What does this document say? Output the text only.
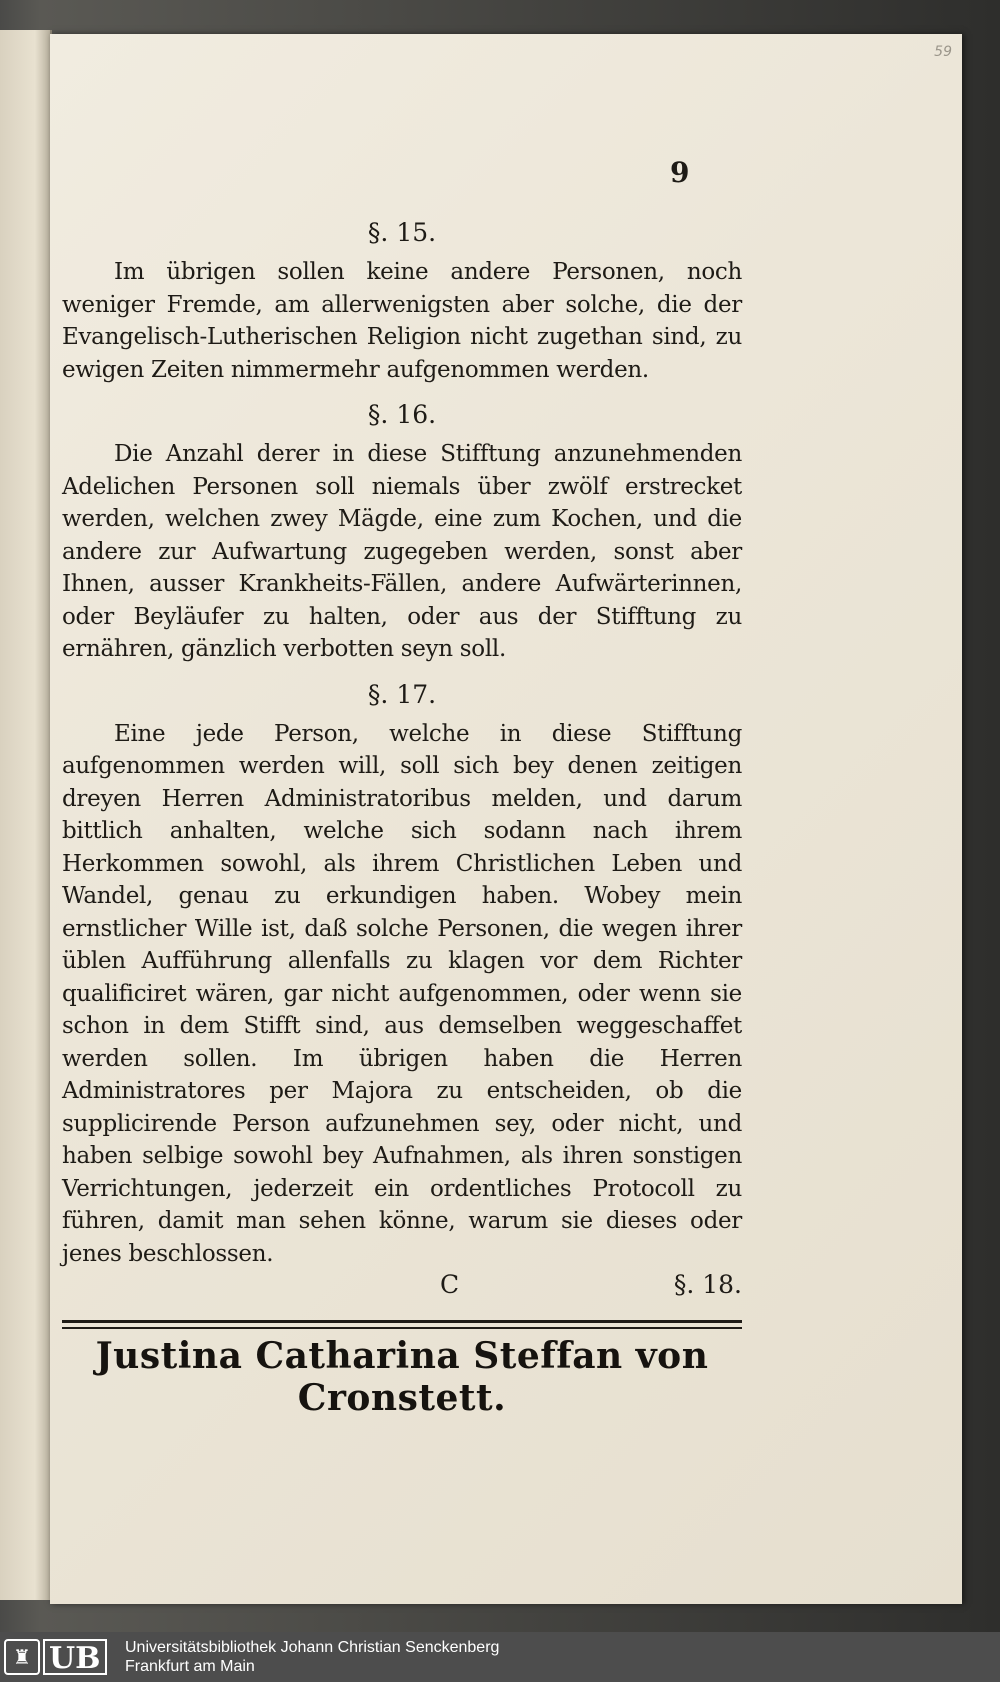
59
9
§. 15.

Im übrigen sollen keine andere Personen, noch weniger Fremde, am allerwenigsten aber solche, die der Evangelisch-Lutherischen Religion nicht zugethan sind, zu ewigen Zeiten nimmermehr aufgenommen werden.

§. 16.

Die Anzahl derer in diese Stifftung anzunehmenden Adelichen Personen soll niemals über zwölf erstrecket werden, welchen zwey Mägde, eine zum Kochen, und die andere zur Aufwartung zugegeben werden, sonst aber Ihnen, ausser Krankheits-Fällen, andere Aufwärterinnen, oder Beyläufer zu halten, oder aus der Stifftung zu ernähren, gänzlich verbotten seyn soll.

§. 17.

Eine jede Person, welche in diese Stifftung aufgenommen werden will, soll sich bey denen zeitigen dreyen Herren Administratoribus melden, und darum bittlich anhalten, welche sich sodann nach ihrem Herkommen sowohl, als ihrem Christlichen Leben und Wandel, genau zu erkundigen haben. Wobey mein ernstlicher Wille ist, daß solche Personen, die wegen ihrer üblen Aufführung allenfalls zu klagen vor dem Richter qualificiret wären, gar nicht aufgenommen, oder wenn sie schon in dem Stifft sind, aus demselben weggeschaffet werden sollen. Im übrigen haben die Herren Administratores per Majora zu entscheiden, ob die supplicirende Person aufzunehmen sey, oder nicht, und haben selbige sowohl bey Aufnahmen, als ihren sonstigen Verrichtungen, jederzeit ein ordentliches Protocoll zu führen, damit man sehen könne, warum sie dieses oder jenes beschlossen.

C	§. 18.
Justina Catharina Steffan von Cronstett.
♜ UB	Universitätsbibliothek Johann Christian Senckenberg
Frankfurt am Main
